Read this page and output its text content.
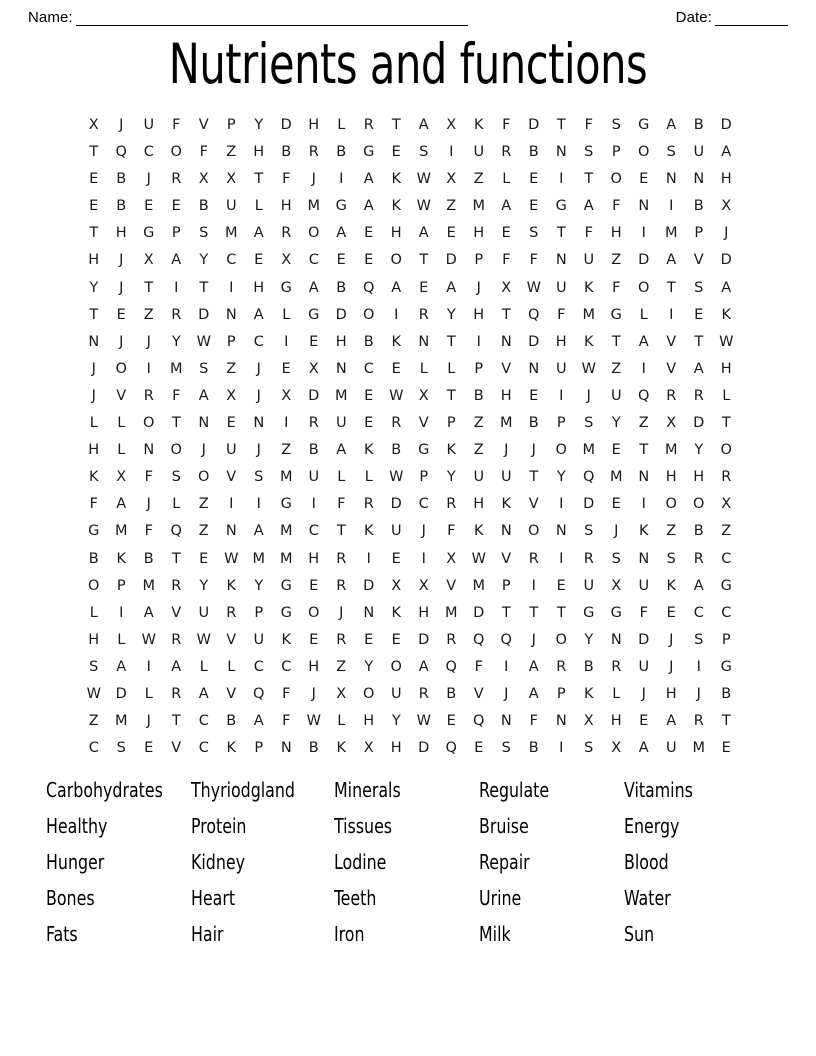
Name:	Date:
Nutrients and functions
X	J	U	F	V	P	Y	D	H	L	R	T	A	X	K	F	D	T	F	S	G	A	B	D
T	Q	C	O	F	Z	H	B	R	B	G	E	S	I	U	R	B	N	S	P	O	S	U	A
E	B	J	R	X	X	T	F	J	I	A	K	W	X	Z	L	E	I	T	O	E	N	N	H
E	B	E	E	B	U	L	H	M	G	A	K	W	Z	M	A	E	G	A	F	N	I	B	X
T	H	G	P	S	M	A	R	O	A	E	H	A	E	H	E	S	T	F	H	I	M	P	J
H	J	X	A	Y	C	E	X	C	E	E	O	T	D	P	F	F	N	U	Z	D	A	V	D
Y	J	T	I	T	I	H	G	A	B	Q	A	E	A	J	X	W	U	K	F	O	T	S	A
T	E	Z	R	D	N	A	L	G	D	O	I	R	Y	H	T	Q	F	M	G	L	I	E	K
N	J	J	Y	W	P	C	I	E	H	B	K	N	T	I	N	D	H	K	T	A	V	T	W
J	O	I	M	S	Z	J	E	X	N	C	E	L	L	P	V	N	U	W	Z	I	V	A	H
J	V	R	F	A	X	J	X	D	M	E	W	X	T	B	H	E	I	J	U	Q	R	R	L
L	L	O	T	N	E	N	I	R	U	E	R	V	P	Z	M	B	P	S	Y	Z	X	D	T
H	L	N	O	J	U	J	Z	B	A	K	B	G	K	Z	J	J	O	M	E	T	M	Y	O
K	X	F	S	O	V	S	M	U	L	L	W	P	Y	U	U	T	Y	Q	M	N	H	H	R
F	A	J	L	Z	I	I	G	I	F	R	D	C	R	H	K	V	I	D	E	I	O	O	X
G	M	F	Q	Z	N	A	M	C	T	K	U	J	F	K	N	O	N	S	J	K	Z	B	Z
B	K	B	T	E	W M	M	H	R	I	E	I	X	W	V	R	I	R	S	N	S	R	C
O	P	M	R	Y	K	Y	G	E	R	D	X	X	V	M	P	I	E	U	X	U	K	A	G
L	I	A	V	U	R	P	G	O	J	N	K	H	M	D	T	T	T	G	G	F	E	C	C
H	L	W	R	W	V	U	K	E	R	E	E	D	R	Q	Q	J	O	Y	N	D	J	S	P
S	A	I	A	L	L	C	C	H	Z	Y	O	A	Q	F	I	A	R	B	R	U	J	I	G
W	D	L	R	A	V	Q	F	J	X	O	U	R	B	V	J	A	P	K	L	J	H	J	B
Z	M	J	T	C	B	A	F	W	L	H	Y	W	E	Q	N	F	N	X	H	E	A	R	T
C	S	E	V	C	K	P	N	B	K	X	H	D	Q	E	S	B	I	S	X	A	U	M	E
Carbohydrates	Thyriodgland	Minerals	Regulate	Vitamins
Healthy	Protein	Tissues	Bruise	Energy
Hunger	Kidney	Lodine	Repair	Blood
Bones	Heart	Teeth	Urine	Water
Fats	Hair	Iron	Milk	Sun
